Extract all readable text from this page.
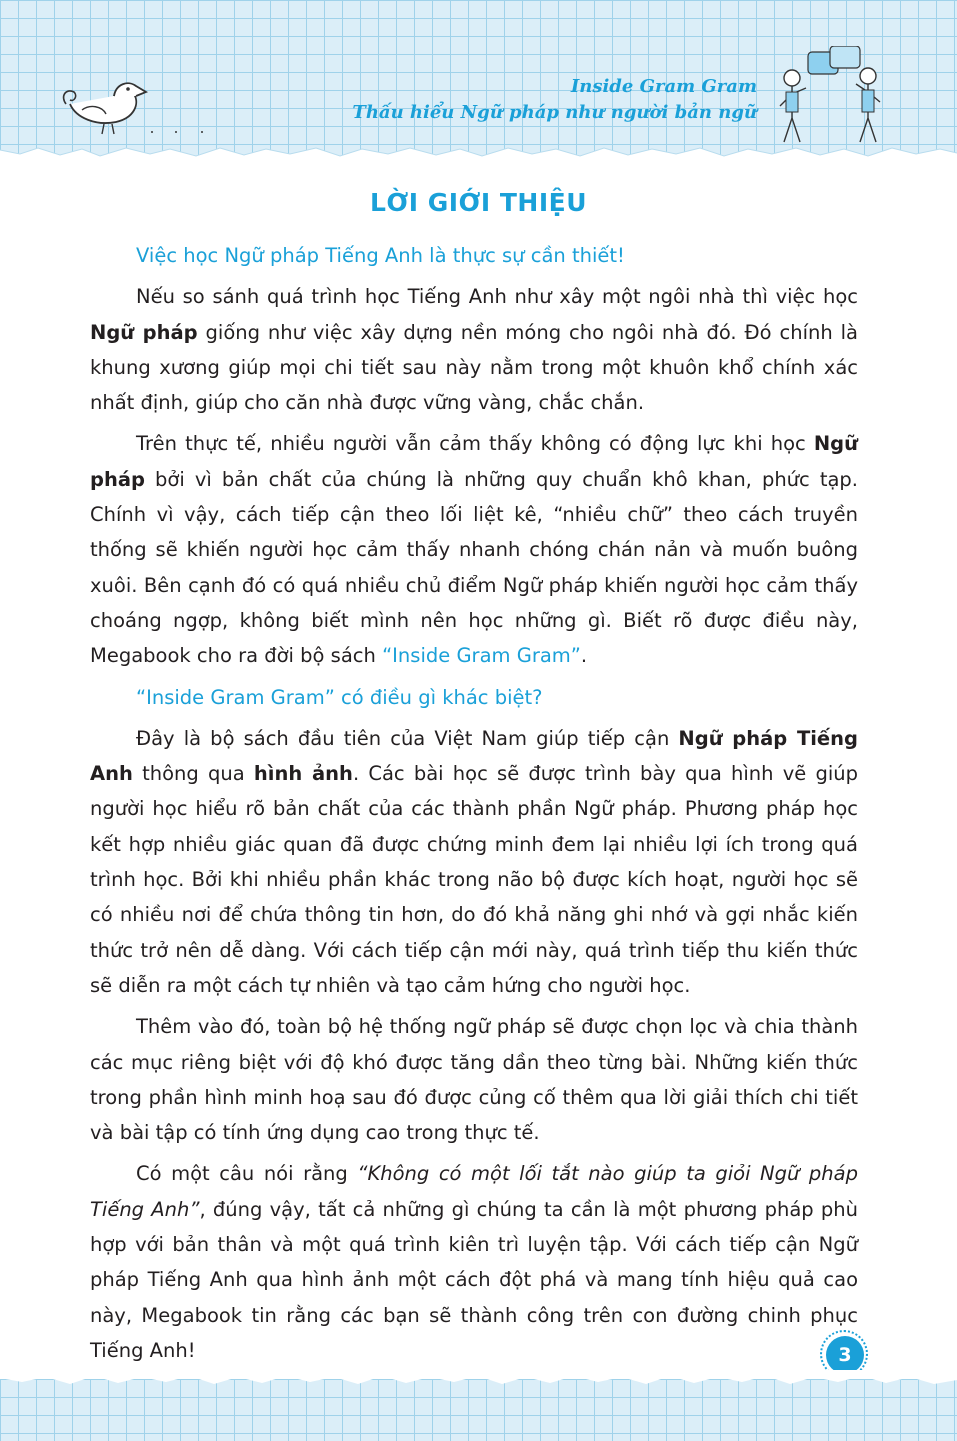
Inside Gram Gram
Thấu hiểu Ngữ pháp như người bản ngữ
LỜI GIỚI THIỆU

Việc học Ngữ pháp Tiếng Anh là thực sự cần thiết!

Nếu so sánh quá trình học Tiếng Anh như xây một ngôi nhà thì việc học Ngữ pháp giống như việc xây dựng nền móng cho ngôi nhà đó. Đó chính là khung xương giúp mọi chi tiết sau này nằm trong một khuôn khổ chính xác nhất định, giúp cho căn nhà được vững vàng, chắc chắn.

Trên thực tế, nhiều người vẫn cảm thấy không có động lực khi học Ngữ pháp bởi vì bản chất của chúng là những quy chuẩn khô khan, phức tạp. Chính vì vậy, cách tiếp cận theo lối liệt kê, “nhiều chữ” theo cách truyền thống sẽ khiến người học cảm thấy nhanh chóng chán nản và muốn buông xuôi. Bên cạnh đó có quá nhiều chủ điểm Ngữ pháp khiến người học cảm thấy choáng ngợp, không biết mình nên học những gì. Biết rõ được điều này, Megabook cho ra đời bộ sách “Inside Gram Gram”.

“Inside Gram Gram” có điều gì khác biệt?

Đây là bộ sách đầu tiên của Việt Nam giúp tiếp cận Ngữ pháp Tiếng Anh thông qua hình ảnh. Các bài học sẽ được trình bày qua hình vẽ giúp người học hiểu rõ bản chất của các thành phần Ngữ pháp. Phương pháp học kết hợp nhiều giác quan đã được chứng minh đem lại nhiều lợi ích trong quá trình học. Bởi khi nhiều phần khác trong não bộ được kích hoạt, người học sẽ có nhiều nơi để chứa thông tin hơn, do đó khả năng ghi nhớ và gợi nhắc kiến thức trở nên dễ dàng. Với cách tiếp cận mới này, quá trình tiếp thu kiến thức sẽ diễn ra một cách tự nhiên và tạo cảm hứng cho người học.

Thêm vào đó, toàn bộ hệ thống ngữ pháp sẽ được chọn lọc và chia thành các mục riêng biệt với độ khó được tăng dần theo từng bài. Những kiến thức trong phần hình minh hoạ sau đó được củng cố thêm qua lời giải thích chi tiết và bài tập có tính ứng dụng cao trong thực tế.

Có một câu nói rằng “Không có một lối tắt nào giúp ta giỏi Ngữ pháp Tiếng Anh”, đúng vậy, tất cả những gì chúng ta cần là một phương pháp phù hợp với bản thân và một quá trình kiên trì luyện tập. Với cách tiếp cận Ngữ pháp Tiếng Anh qua hình ảnh một cách đột phá và mang tính hiệu quả cao này, Megabook tin rằng các bạn sẽ thành công trên con đường chinh phục Tiếng Anh!	3
